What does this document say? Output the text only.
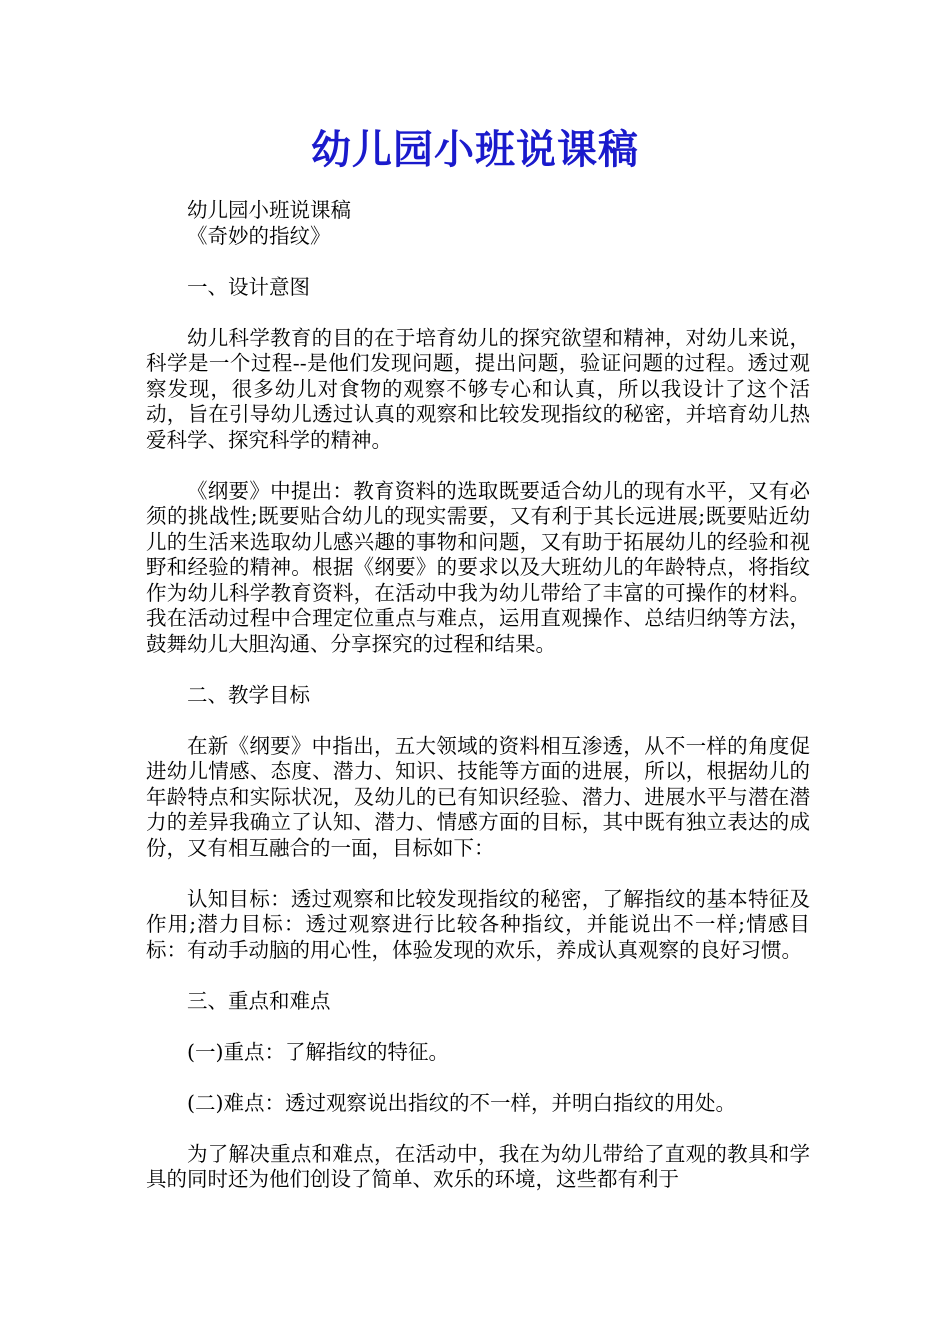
幼儿园小班说课稿

幼儿园小班说课稿

《奇妙的指纹》

一、设计意图

幼儿科学教育的目的在于培育幼儿的探究欲望和精神，对幼儿来说，科学是一个过程--是他们发现问题，提出问题，验证问题的过程。透过观察发现，很多幼儿对食物的观察不够专心和认真，所以我设计了这个活动，旨在引导幼儿透过认真的观察和比较发现指纹的秘密，并培育幼儿热爱科学、探究科学的精神。

《纲要》中提出：教育资料的选取既要适合幼儿的现有水平，又有必须的挑战性;既要贴合幼儿的现实需要，又有利于其长远进展;既要贴近幼儿的生活来选取幼儿感兴趣的事物和问题，又有助于拓展幼儿的经验和视野和经验的精神。根据《纲要》的要求以及大班幼儿的年龄特点，将指纹作为幼儿科学教育资料，在活动中我为幼儿带给了丰富的可操作的材料。我在活动过程中合理定位重点与难点，运用直观操作、总结归纳等方法，鼓舞幼儿大胆沟通、分享探究的过程和结果。

二、教学目标

在新《纲要》中指出，五大领域的资料相互渗透，从不一样的角度促进幼儿情感、态度、潜力、知识、技能等方面的进展，所以，根据幼儿的年龄特点和实际状况，及幼儿的已有知识经验、潜力、进展水平与潜在潜力的差异我确立了认知、潜力、情感方面的目标，其中既有独立表达的成份，又有相互融合的一面，目标如下：

认知目标：透过观察和比较发现指纹的秘密，了解指纹的基本特征及作用;潜力目标：透过观察进行比较各种指纹，并能说出不一样;情感目标：有动手动脑的用心性，体验发现的欢乐，养成认真观察的良好习惯。

三、重点和难点

(一)重点：了解指纹的特征。

(二)难点：透过观察说出指纹的不一样，并明白指纹的用处。

为了解决重点和难点，在活动中，我在为幼儿带给了直观的教具和学具的同时还为他们创设了简单、欢乐的环境，这些都有利于
